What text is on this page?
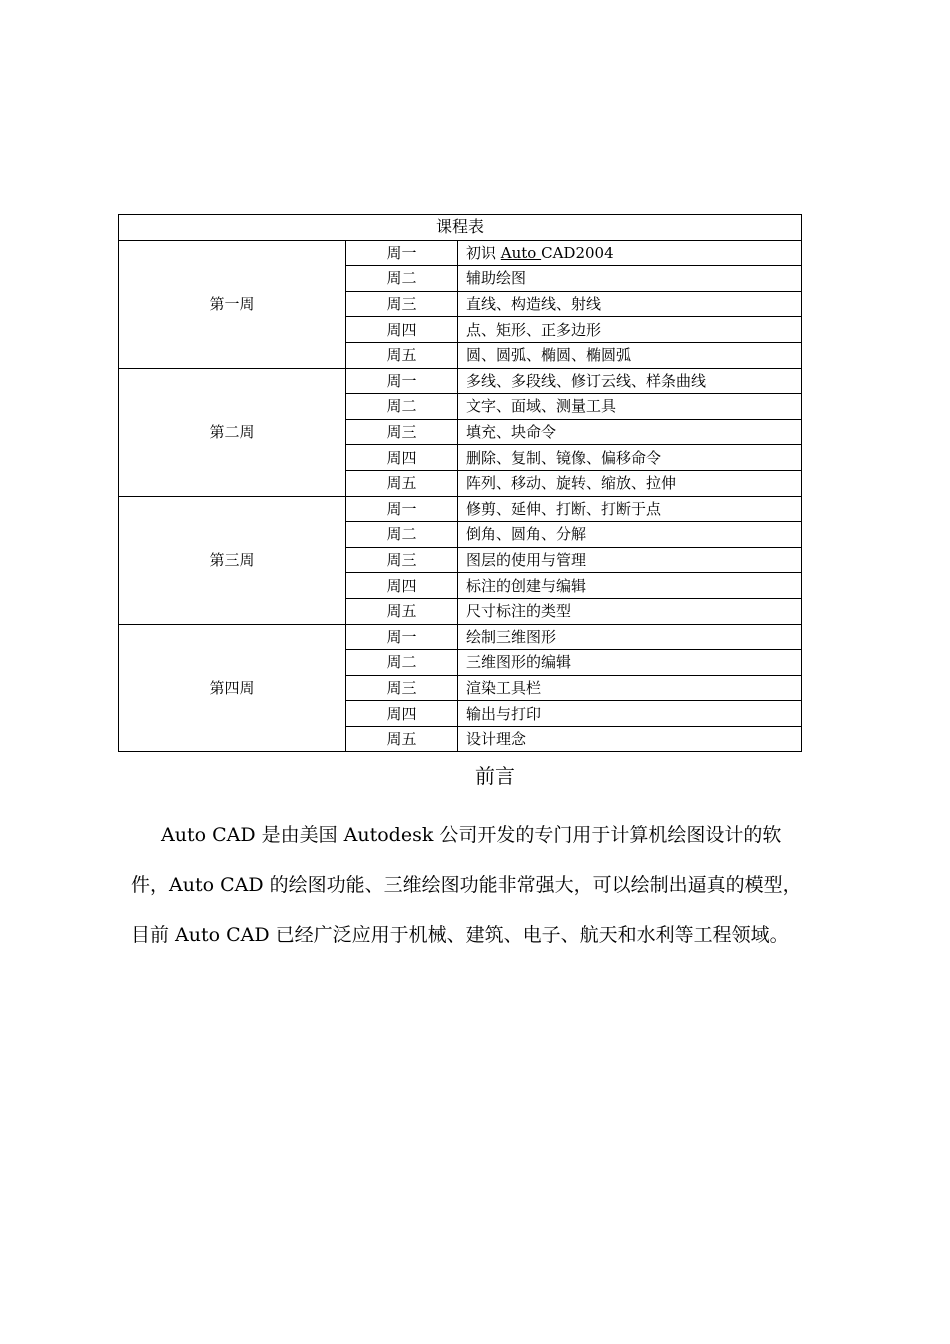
课程表		
第一周	周一	初识 Auto CAD2004
	周二	辅助绘图
	周三	直线、构造线、射线
	周四	点、矩形、正多边形
	周五	圆、圆弧、椭圆、椭圆弧
第二周	周一	多线、多段线、修订云线、样条曲线
	周二	文字、面域、测量工具
	周三	填充、块命令
	周四	删除、复制、镜像、偏移命令
	周五	阵列、移动、旋转、缩放、拉伸
第三周	周一	修剪、延伸、打断、打断于点
	周二	倒角、圆角、分解
	周三	图层的使用与管理
	周四	标注的创建与编辑
	周五	尺寸标注的类型
第四周	周一	绘制三维图形
	周二	三维图形的编辑
	周三	渲染工具栏
	周四	输出与打印
	周五	设计理念
前言
Auto CAD 是由美国 Autodesk 公司开发的专门用于计算机绘图设计的软
件，Auto CAD 的绘图功能、三维绘图功能非常强大，可以绘制出逼真的模型，
目前 Auto CAD 已经广泛应用于机械、建筑、电子、航天和水利等工程领域。
